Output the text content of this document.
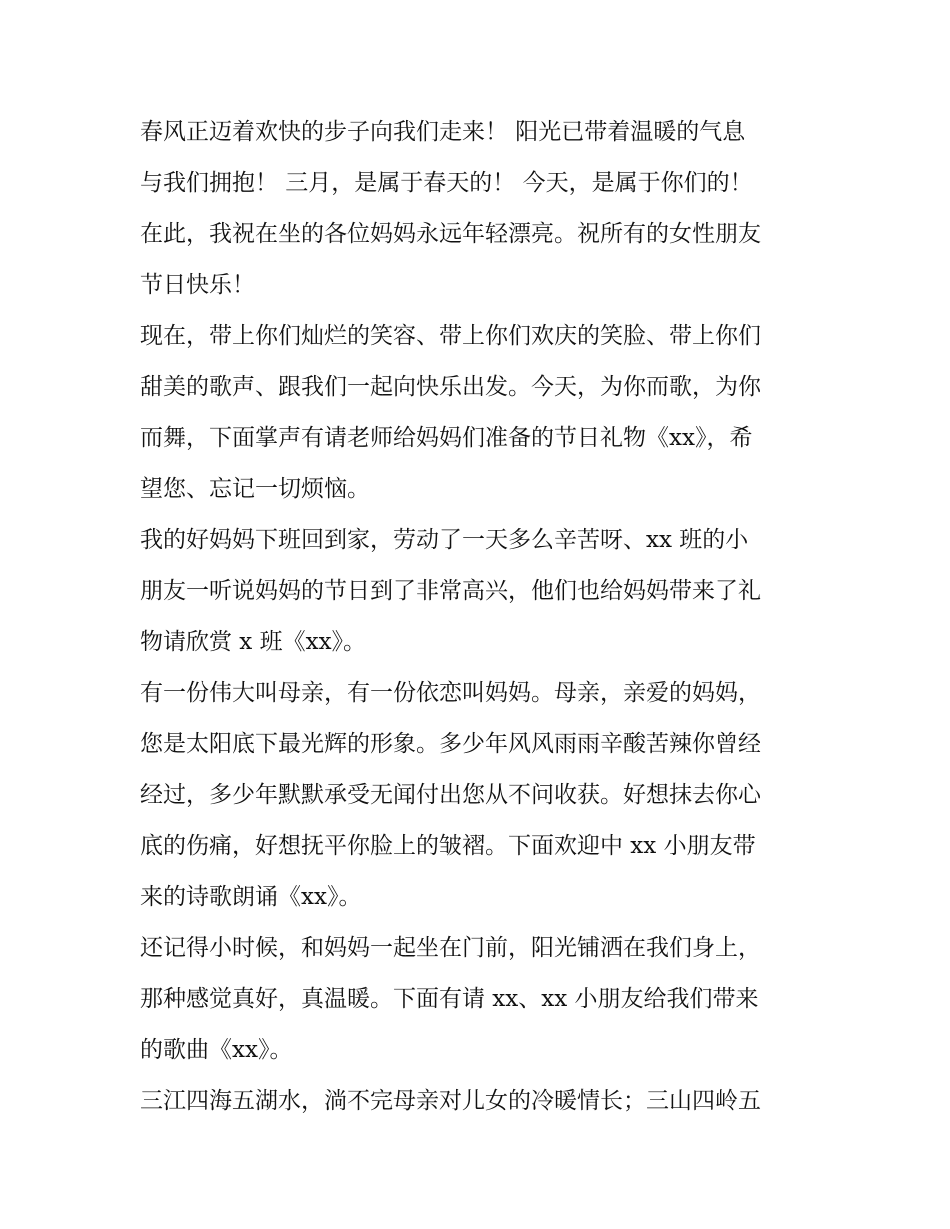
春风正迈着欢快的步子向我们走来！ 阳光已带着温暖的气息

与我们拥抱！ 三月，是属于春天的！ 今天，是属于你们的！

在此，我祝在坐的各位妈妈永远年轻漂亮。祝所有的女性朋友

节日快乐！

现在，带上你们灿烂的笑容、带上你们欢庆的笑脸、带上你们

甜美的歌声、跟我们一起向快乐出发。今天，为你而歌，为你

而舞，下面掌声有请老师给妈妈们准备的节日礼物《xx》，希

望您、忘记一切烦恼。

我的好妈妈下班回到家，劳动了一天多么辛苦呀、xx 班的小

朋友一听说妈妈的节日到了非常高兴，他们也给妈妈带来了礼

物请欣赏 x 班《xx》。

有一份伟大叫母亲，有一份依恋叫妈妈。母亲，亲爱的妈妈，

您是太阳底下最光辉的形象。多少年风风雨雨辛酸苦辣你曾经

经过，多少年默默承受无闻付出您从不问收获。好想抹去你心

底的伤痛，好想抚平你脸上的皱褶。下面欢迎中 xx 小朋友带

来的诗歌朗诵《xx》。

还记得小时候，和妈妈一起坐在门前，阳光铺洒在我们身上，

那种感觉真好，真温暖。下面有请 xx、xx 小朋友给我们带来

的歌曲《xx》。

三江四海五湖水，淌不完母亲对儿女的冷暖情长；三山四岭五
